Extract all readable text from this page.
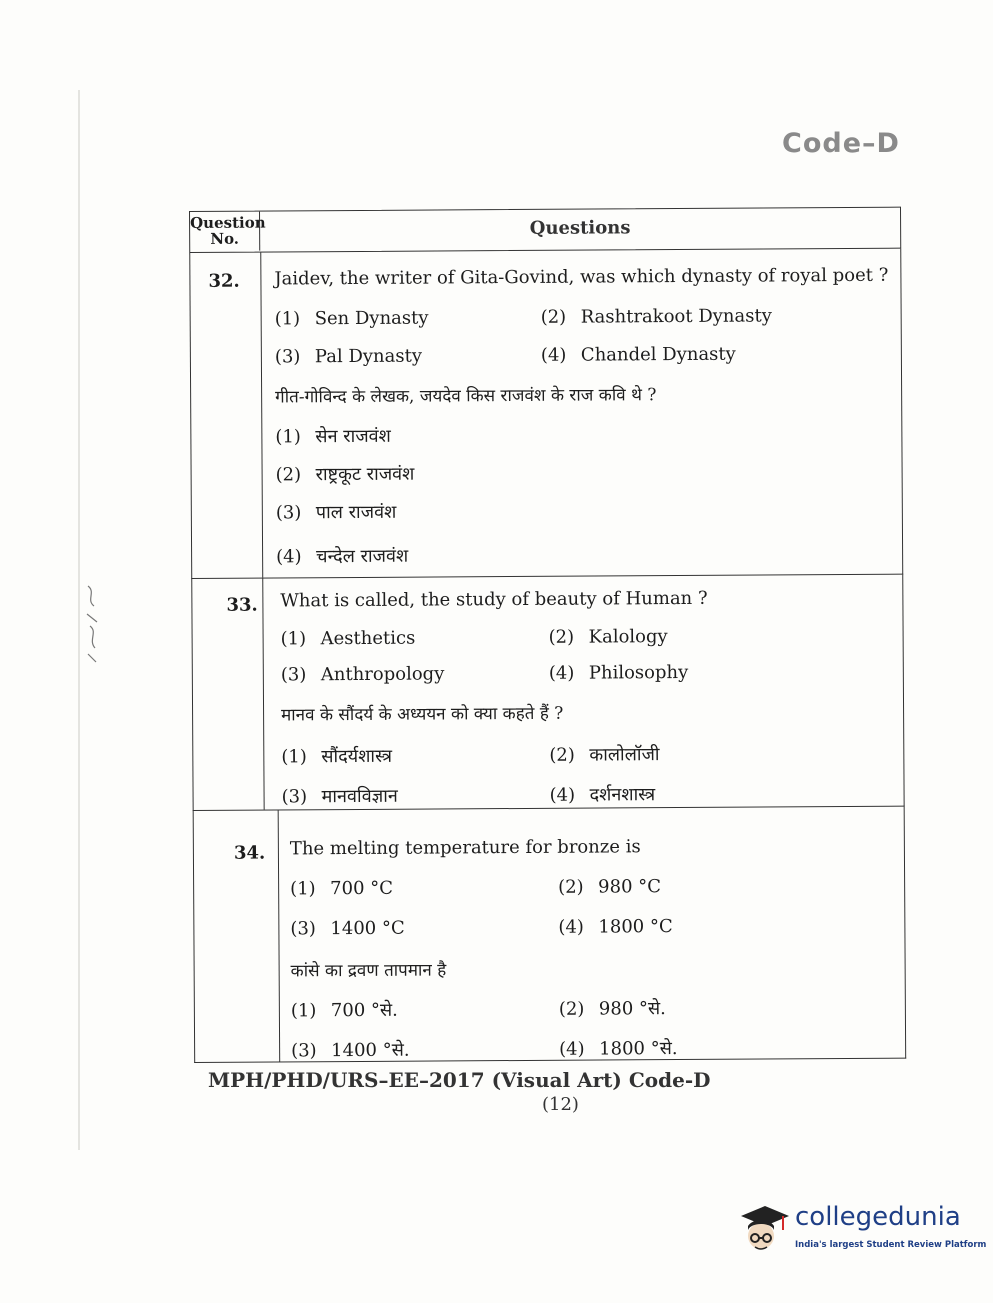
Code–D
Question No.	Questions
32. Jaidev, the writer of Gita-Govind, was which dynasty of royal poet ?
(1) Sen Dynasty	(2) Rashtrakoot Dynasty
(3) Pal Dynasty	(4) Chandel Dynasty
गीत-गोविन्द के लेखक, जयदेव किस राजवंश के राज कवि थे ?
(1) सेन राजवंश
(2) राष्ट्रकूट राजवंश
(3) पाल राजवंश
(4) चन्देल राजवंश
33. What is called, the study of beauty of Human ?
(1) Aesthetics	(2) Kalology
(3) Anthropology	(4) Philosophy
मानव के सौंदर्य के अध्ययन को क्या कहते हैं ?
(1) सौंदर्यशास्त्र	(2) कालोलॉजी
(3) मानवविज्ञान	(4) दर्शनशास्त्र
34. The melting temperature for bronze is
(1) 700 °C	(2) 980 °C
(3) 1400 °C	(4) 1800 °C
कांसे का द्रवण तापमान है
(1) 700 °से.	(2) 980 °से.
(3) 1400 °से.	(4) 1800 °से.
MPH/PHD/URS–EE–2017 (Visual Art) Code-D
(12)
collegedunia
India's largest Student Review Platform
